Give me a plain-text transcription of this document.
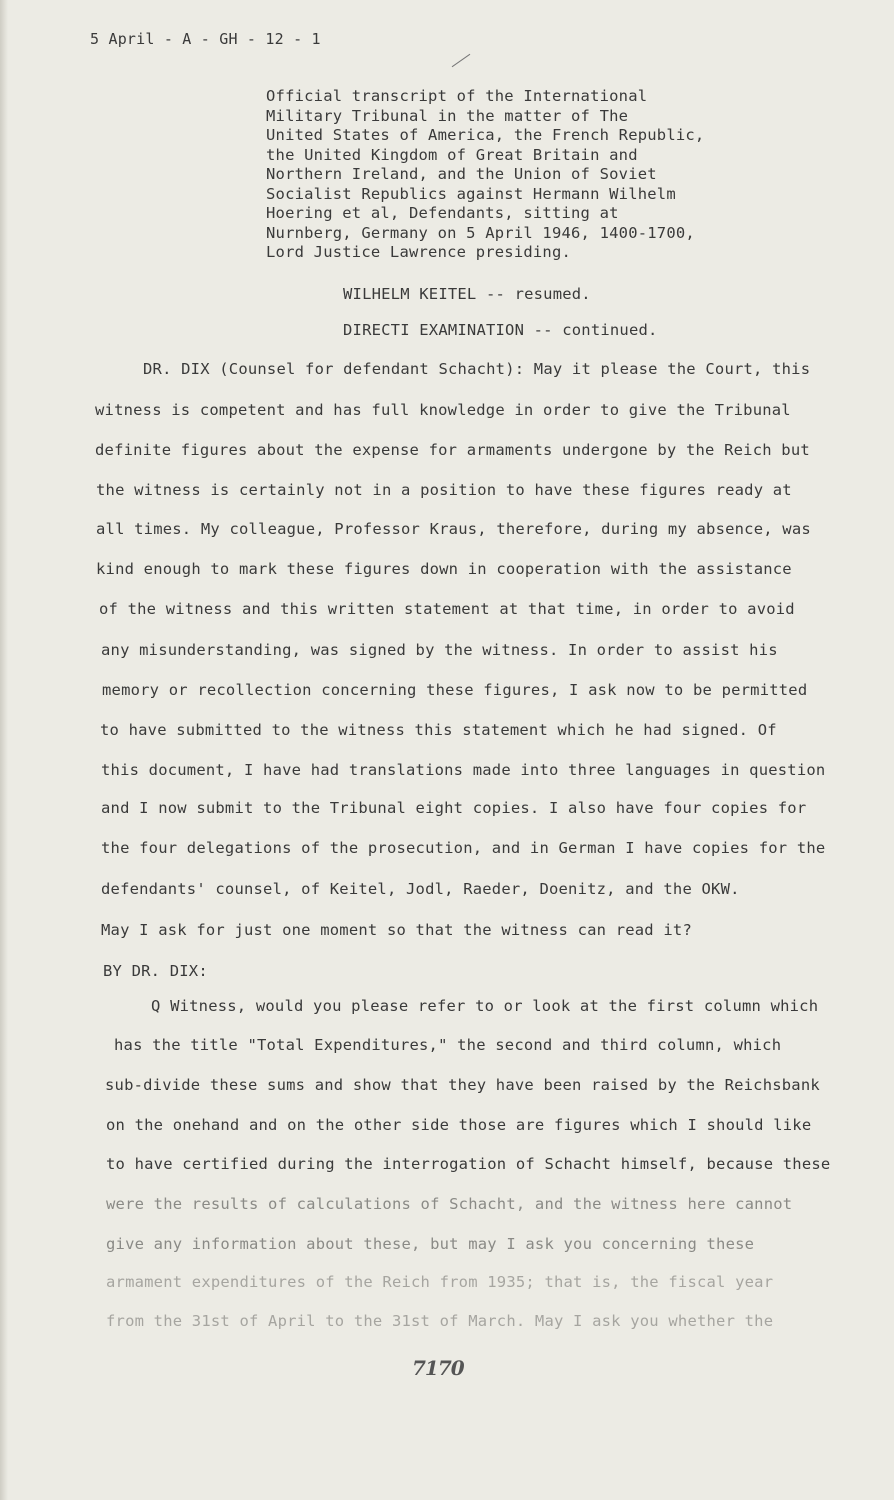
5 April - A - GH - 12 - 1
Official transcript of the International
Military Tribunal in the matter of The
United States of America, the French Republic,
the United Kingdom of Great Britain and
Northern Ireland, and the Union of Soviet
Socialist Republics against Hermann Wilhelm
Hoering et al, Defendants, sitting at
Nurnberg, Germany on 5 April 1946, 1400-1700,
Lord Justice Lawrence presiding.
WILHELM KEITEL -- resumed.
DIRECTI EXAMINATION -- continued.
DR. DIX (Counsel for defendant Schacht): May it please the Court, this
witness is competent and has full knowledge in order to give the Tribunal
definite figures about the expense for armaments undergone by the Reich but
the witness is certainly not in a position to have these figures ready at
all times. My colleague, Professor Kraus, therefore, during my absence, was
kind enough to mark these figures down in cooperation with the assistance
of the witness and this written statement at that time, in order to avoid
any misunderstanding, was signed by the witness. In order to assist his
memory or recollection concerning these figures, I ask now to be permitted
to have submitted to the witness this statement which he had signed. Of
this document, I have had translations made into three languages in question
and I now submit to the Tribunal eight copies. I also have four copies for
the four delegations of the prosecution, and in German I have copies for the
defendants' counsel, of Keitel, Jodl, Raeder, Doenitz, and the OKW.
May I ask for just one moment so that the witness can read it?
BY DR. DIX:
Q Witness, would you please refer to or look at the first column which
has the title "Total Expenditures," the second and third column, which
sub-divide these sums and show that they have been raised by the Reichsbank
on the onehand and on the other side those are figures which I should like
to have certified during the interrogation of Schacht himself, because these
were the results of calculations of Schacht, and the witness here cannot
give any information about these, but may I ask you concerning these
armament expenditures of the Reich from 1935; that is, the fiscal year
from the 31st of April to the 31st of March. May I ask you whether the
7170
